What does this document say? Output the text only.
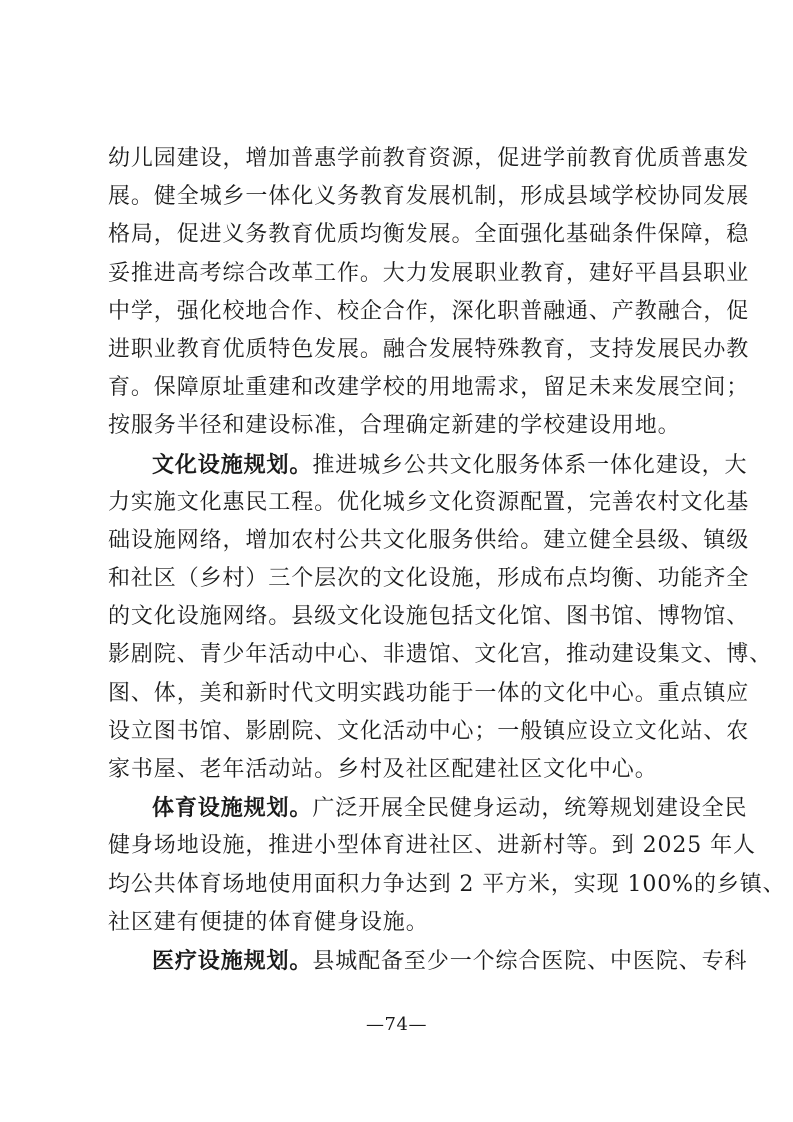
幼儿园建设，增加普惠学前教育资源，促进学前教育优质普惠发
展。健全城乡一体化义务教育发展机制，形成县域学校协同发展
格局，促进义务教育优质均衡发展。全面强化基础条件保障，稳
妥推进高考综合改革工作。大力发展职业教育，建好平昌县职业
中学，强化校地合作、校企合作，深化职普融通、产教融合，促
进职业教育优质特色发展。融合发展特殊教育，支持发展民办教
育。保障原址重建和改建学校的用地需求，留足未来发展空间；
按服务半径和建设标准，合理确定新建的学校建设用地。
文化设施规划。推进城乡公共文化服务体系一体化建设，大
力实施文化惠民工程。优化城乡文化资源配置，完善农村文化基
础设施网络，增加农村公共文化服务供给。建立健全县级、镇级
和社区（乡村）三个层次的文化设施，形成布点均衡、功能齐全
的文化设施网络。县级文化设施包括文化馆、图书馆、博物馆、
影剧院、青少年活动中心、非遗馆、文化宫，推动建设集文、博、
图、体，美和新时代文明实践功能于一体的文化中心。重点镇应
设立图书馆、影剧院、文化活动中心；一般镇应设立文化站、农
家书屋、老年活动站。乡村及社区配建社区文化中心。
体育设施规划。广泛开展全民健身运动，统筹规划建设全民
健身场地设施，推进小型体育进社区、进新村等。到 2025 年人
均公共体育场地使用面积力争达到 2 平方米，实现 100%的乡镇、
社区建有便捷的体育健身设施。
医疗设施规划。县城配备至少一个综合医院、中医院、专科
—74—
